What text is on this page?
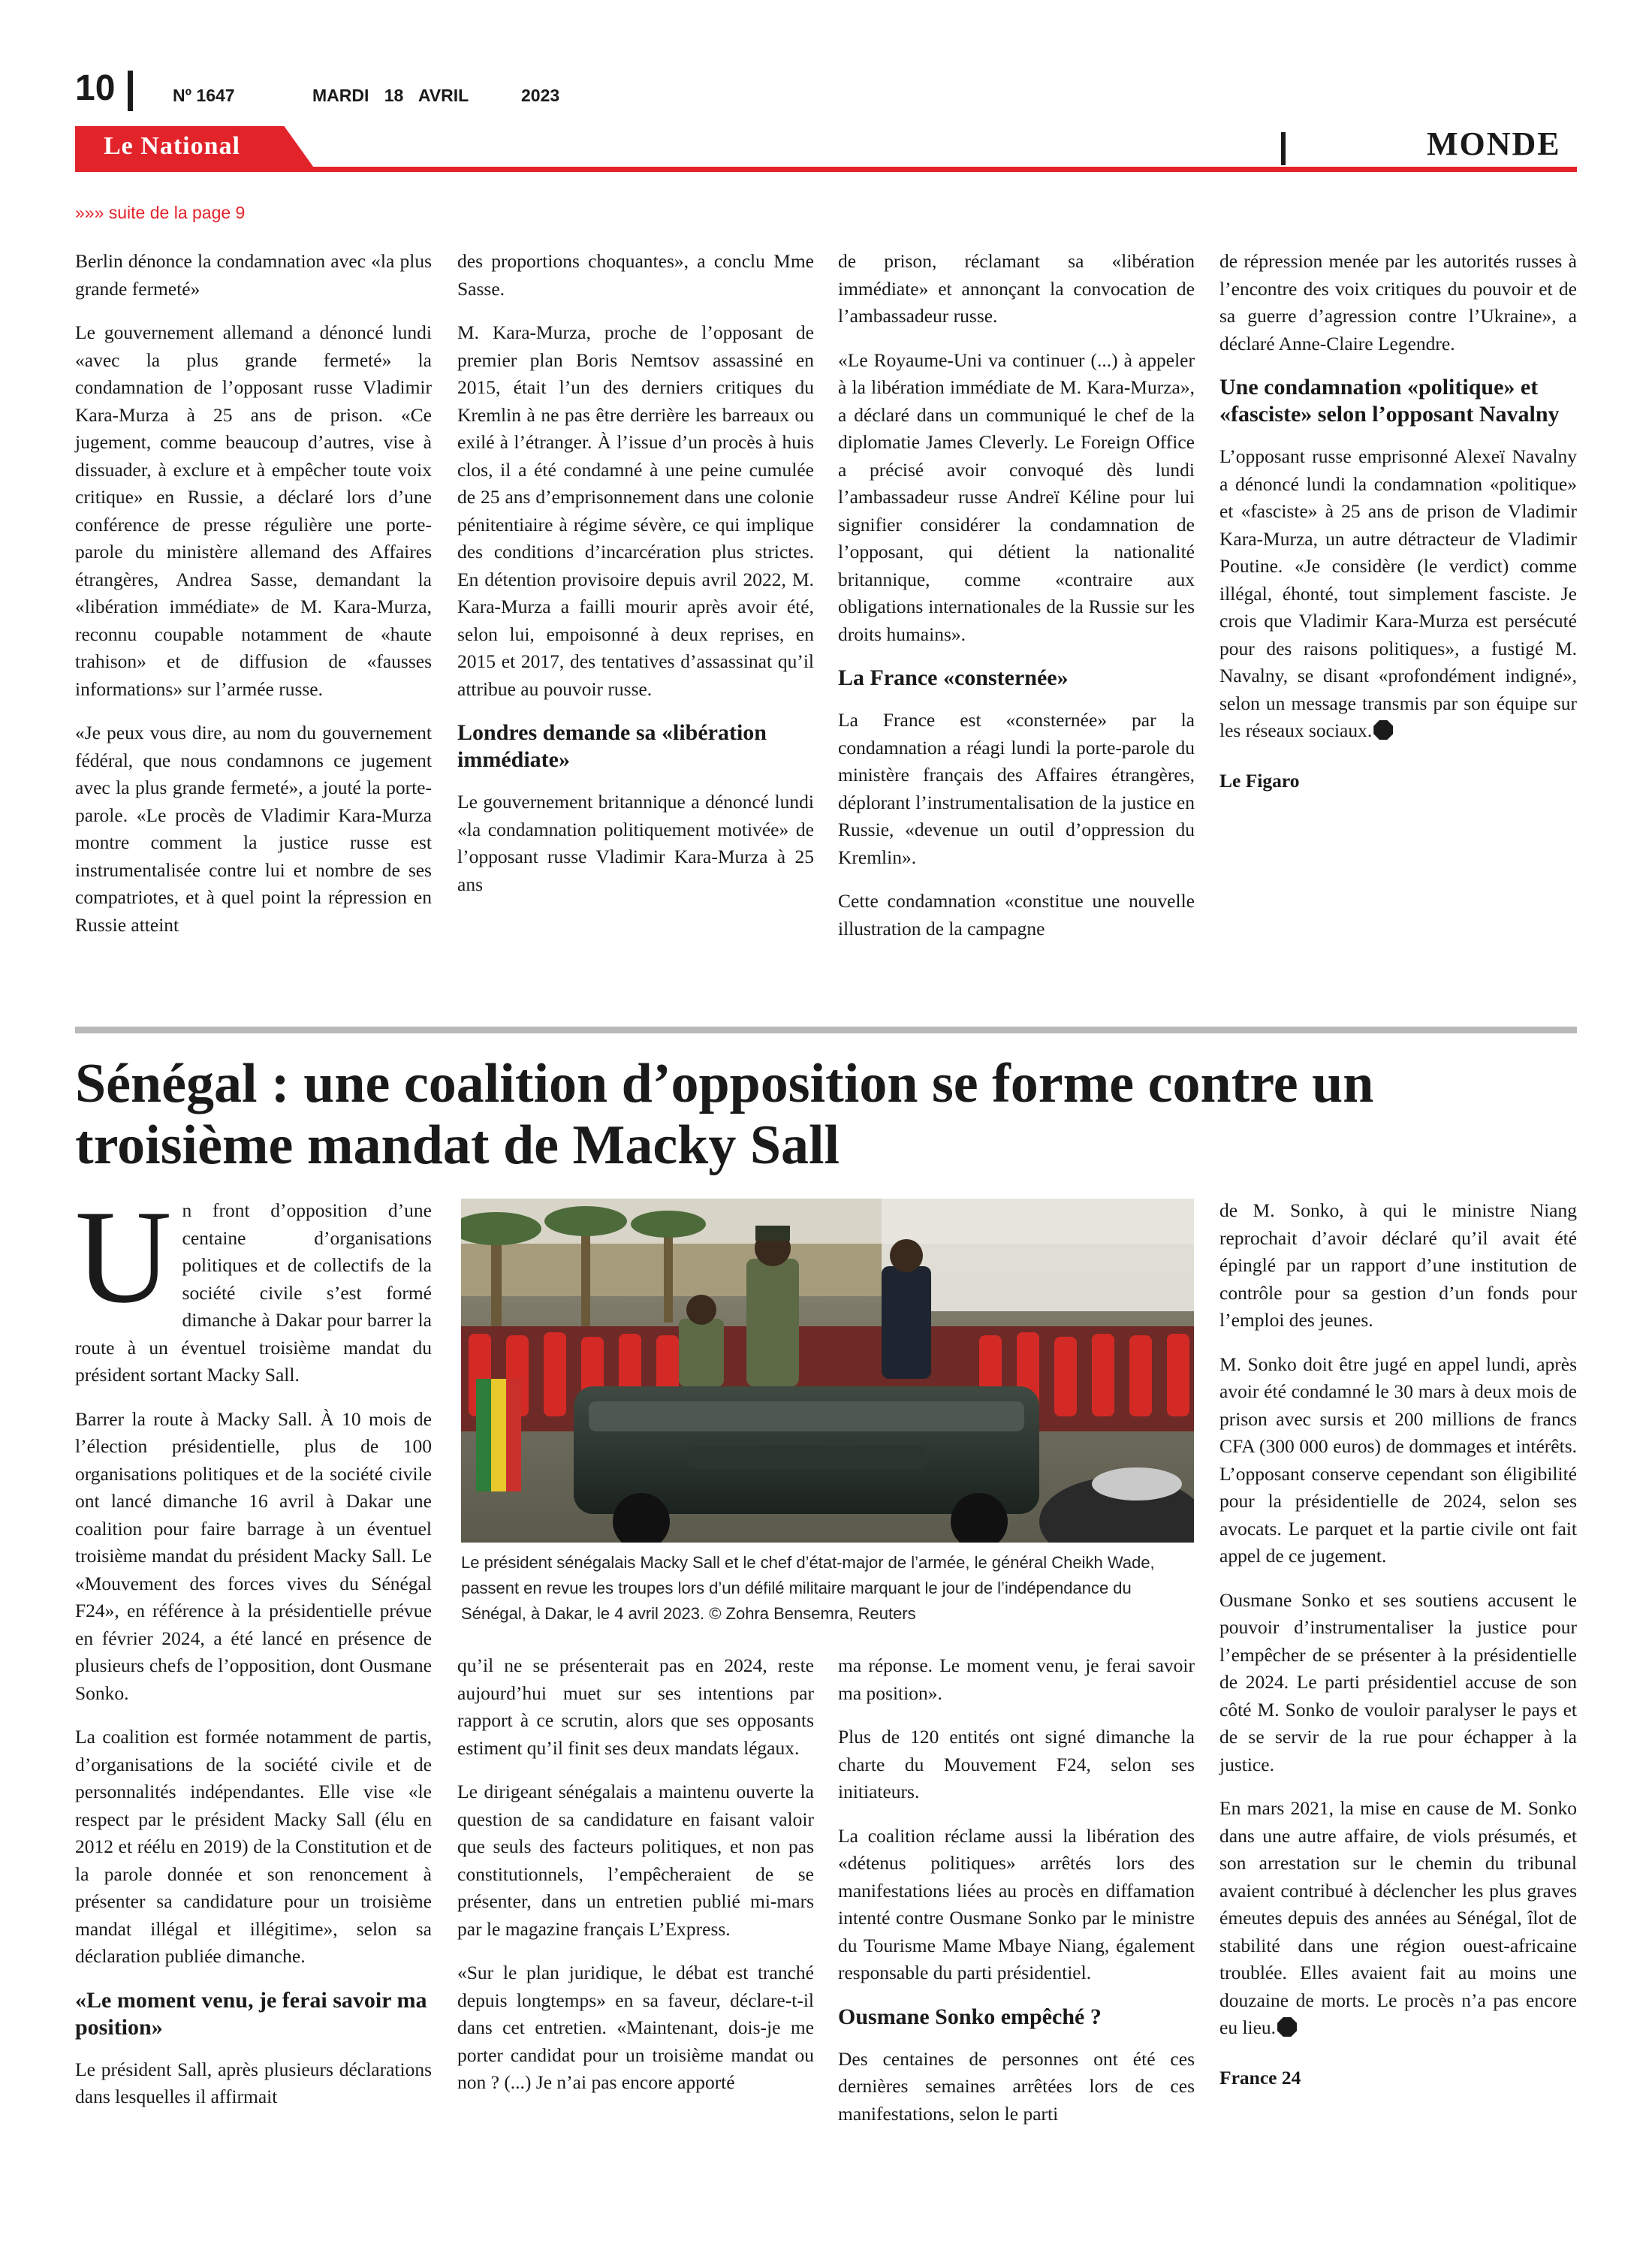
10	Nº 1647	MARDI 18 AVRIL	2023
Le National	MONDE
»»» suite de la page 9

Berlin dénonce la condamnation avec «la plus grande fermeté»

Le gouvernement allemand a dénoncé lundi «avec la plus grande fermeté» la condamnation de l’opposant russe Vladimir Kara-Murza à 25 ans de prison. «Ce jugement, comme beaucoup d’autres, vise à dissuader, à exclure et à empêcher toute voix critique» en Russie, a déclaré lors d’une conférence de presse régulière une porte-parole du ministère allemand des Affaires étrangères, Andrea Sasse, demandant la «libération immédiate» de M. Kara-Murza, reconnu coupable notamment de «haute trahison» et de diffusion de «fausses informations» sur l’armée russe.

«Je peux vous dire, au nom du gouvernement fédéral, que nous condamnons ce jugement avec la plus grande fermeté», a jouté la porte-parole. «Le procès de Vladimir Kara-Murza montre comment la justice russe est instrumentalisée contre lui et nombre de ses compatriotes, et à quel point la répression en Russie atteint

des proportions choquantes», a conclu Mme Sasse.

M. Kara-Murza, proche de l’opposant de premier plan Boris Nemtsov assassiné en 2015, était l’un des derniers critiques du Kremlin à ne pas être derrière les barreaux ou exilé à l’étranger. À l’issue d’un procès à huis clos, il a été condamné à une peine cumulée de 25 ans d’emprisonnement dans une colonie pénitentiaire à régime sévère, ce qui implique des conditions d’incarcération plus strictes. En détention provisoire depuis avril 2022, M. Kara-Murza a failli mourir après avoir été, selon lui, empoisonné à deux reprises, en 2015 et 2017, des tentatives d’assassinat qu’il attribue au pouvoir russe.

Londres demande sa «libération immédiate»

Le gouvernement britannique a dénoncé lundi «la condamnation politiquement motivée» de l’opposant russe Vladimir Kara-Murza à 25 ans

de prison, réclamant sa «libération immédiate» et annonçant la convocation de l’ambassadeur russe.

«Le Royaume-Uni va continuer (...) à appeler à la libération immédiate de M. Kara-Murza», a déclaré dans un communiqué le chef de la diplomatie James Cleverly. Le Foreign Office a précisé avoir convoqué dès lundi l’ambassadeur russe Andreï Kéline pour lui signifier considérer la condamnation de l’opposant, qui détient la nationalité britannique, comme «contraire aux obligations internationales de la Russie sur les droits humains».

La France «consternée»

La France est «consternée» par la condamnation a réagi lundi la porte-parole du ministère français des Affaires étrangères, déplorant l’instrumentalisation de la justice en Russie, «devenue un outil d’oppression du Kremlin».

Cette condamnation «constitue une nouvelle illustration de la campagne

de répression menée par les autorités russes à l’encontre des voix critiques du pouvoir et de sa guerre d’agression contre l’Ukraine», a déclaré Anne-Claire Legendre.

Une condamnation «politique» et «fasciste» selon l’opposant Navalny

L’opposant russe emprisonné Alexeï Navalny a dénoncé lundi la condamnation «politique» et «fasciste» à 25 ans de prison de Vladimir Kara-Murza, un autre détracteur de Vladimir Poutine. «Je considère (le verdict) comme illégal, éhonté, tout simplement fasciste. Je crois que Vladimir Kara-Murza est persécuté pour des raisons politiques», a fustigé M. Navalny, se disant «profondément indigné», selon un message transmis par son équipe sur les réseaux sociaux.

Le Figaro

Sénégal : une coalition d’opposition se forme contre un troisième mandat de Macky Sall

Un front d’opposition d’une centaine d’organisations politiques et de collectifs de la société civile s’est formé dimanche à Dakar pour barrer la route à un éventuel troisième mandat du président sortant Macky Sall.

Barrer la route à Macky Sall. À 10 mois de l’élection présidentielle, plus de 100 organisations politiques et de la société civile ont lancé dimanche 16 avril à Dakar une coalition pour faire barrage à un éventuel troisième mandat du président Macky Sall. Le «Mouvement des forces vives du Sénégal F24», en référence à la présidentielle prévue en février 2024, a été lancé en présence de plusieurs chefs de l’opposition, dont Ousmane Sonko.

La coalition est formée notamment de partis, d’organisations de la société civile et de personnalités indépendantes. Elle vise «le respect par le président Macky Sall (élu en 2012 et réélu en 2019) de la Constitution et de la parole donnée et son renoncement à présenter sa candidature pour un troisième mandat illégal et illégitime», selon sa déclaration publiée dimanche.

«Le moment venu, je ferai savoir ma position»

Le président Sall, après plusieurs déclarations dans lesquelles il affirmait

Le président sénégalais Macky Sall et le chef d’état-major de l’armée, le général Cheikh Wade, passent en revue les troupes lors d’un défilé militaire marquant le jour de l’indépendance du Sénégal, à Dakar, le 4 avril 2023. © Zohra Bensemra, Reuters

qu’il ne se présenterait pas en 2024, reste aujourd’hui muet sur ses intentions par rapport à ce scrutin, alors que ses opposants estiment qu’il finit ses deux mandats légaux.

Le dirigeant sénégalais a maintenu ouverte la question de sa candidature en faisant valoir que seuls des facteurs politiques, et non pas constitutionnels, l’empêcheraient de se présenter, dans un entretien publié mi-mars par le magazine français L’Express.

«Sur le plan juridique, le débat est tranché depuis longtemps» en sa faveur, déclare-t-il dans cet entretien. «Maintenant, dois-je me porter candidat pour un troisième mandat ou non ? (...) Je n’ai pas encore apporté

ma réponse. Le moment venu, je ferai savoir ma position».

Plus de 120 entités ont signé dimanche la charte du Mouvement F24, selon ses initiateurs.

La coalition réclame aussi la libération des «détenus politiques» arrêtés lors des manifestations liées au procès en diffamation intenté contre Ousmane Sonko par le ministre du Tourisme Mame Mbaye Niang, également responsable du parti présidentiel.

Ousmane Sonko empêché ?

Des centaines de personnes ont été ces dernières semaines arrêtées lors de ces manifestations, selon le parti

de M. Sonko, à qui le ministre Niang reprochait d’avoir déclaré qu’il avait été épinglé par un rapport d’une institution de contrôle pour sa gestion d’un fonds pour l’emploi des jeunes.

M. Sonko doit être jugé en appel lundi, après avoir été condamné le 30 mars à deux mois de prison avec sursis et 200 millions de francs CFA (300 000 euros) de dommages et intérêts. L’opposant conserve cependant son éligibilité pour la présidentielle de 2024, selon ses avocats. Le parquet et la partie civile ont fait appel de ce jugement.

Ousmane Sonko et ses soutiens accusent le pouvoir d’instrumentaliser la justice pour l’empêcher de se présenter à la présidentielle de 2024. Le parti présidentiel accuse de son côté M. Sonko de vouloir paralyser le pays et de se servir de la rue pour échapper à la justice.

En mars 2021, la mise en cause de M. Sonko dans une autre affaire, de viols présumés, et son arrestation sur le chemin du tribunal avaient contribué à déclencher les plus graves émeutes depuis des années au Sénégal, îlot de stabilité dans une région ouest-africaine troublée. Elles avaient fait au moins une douzaine de morts. Le procès n’a pas encore eu lieu.

France 24
